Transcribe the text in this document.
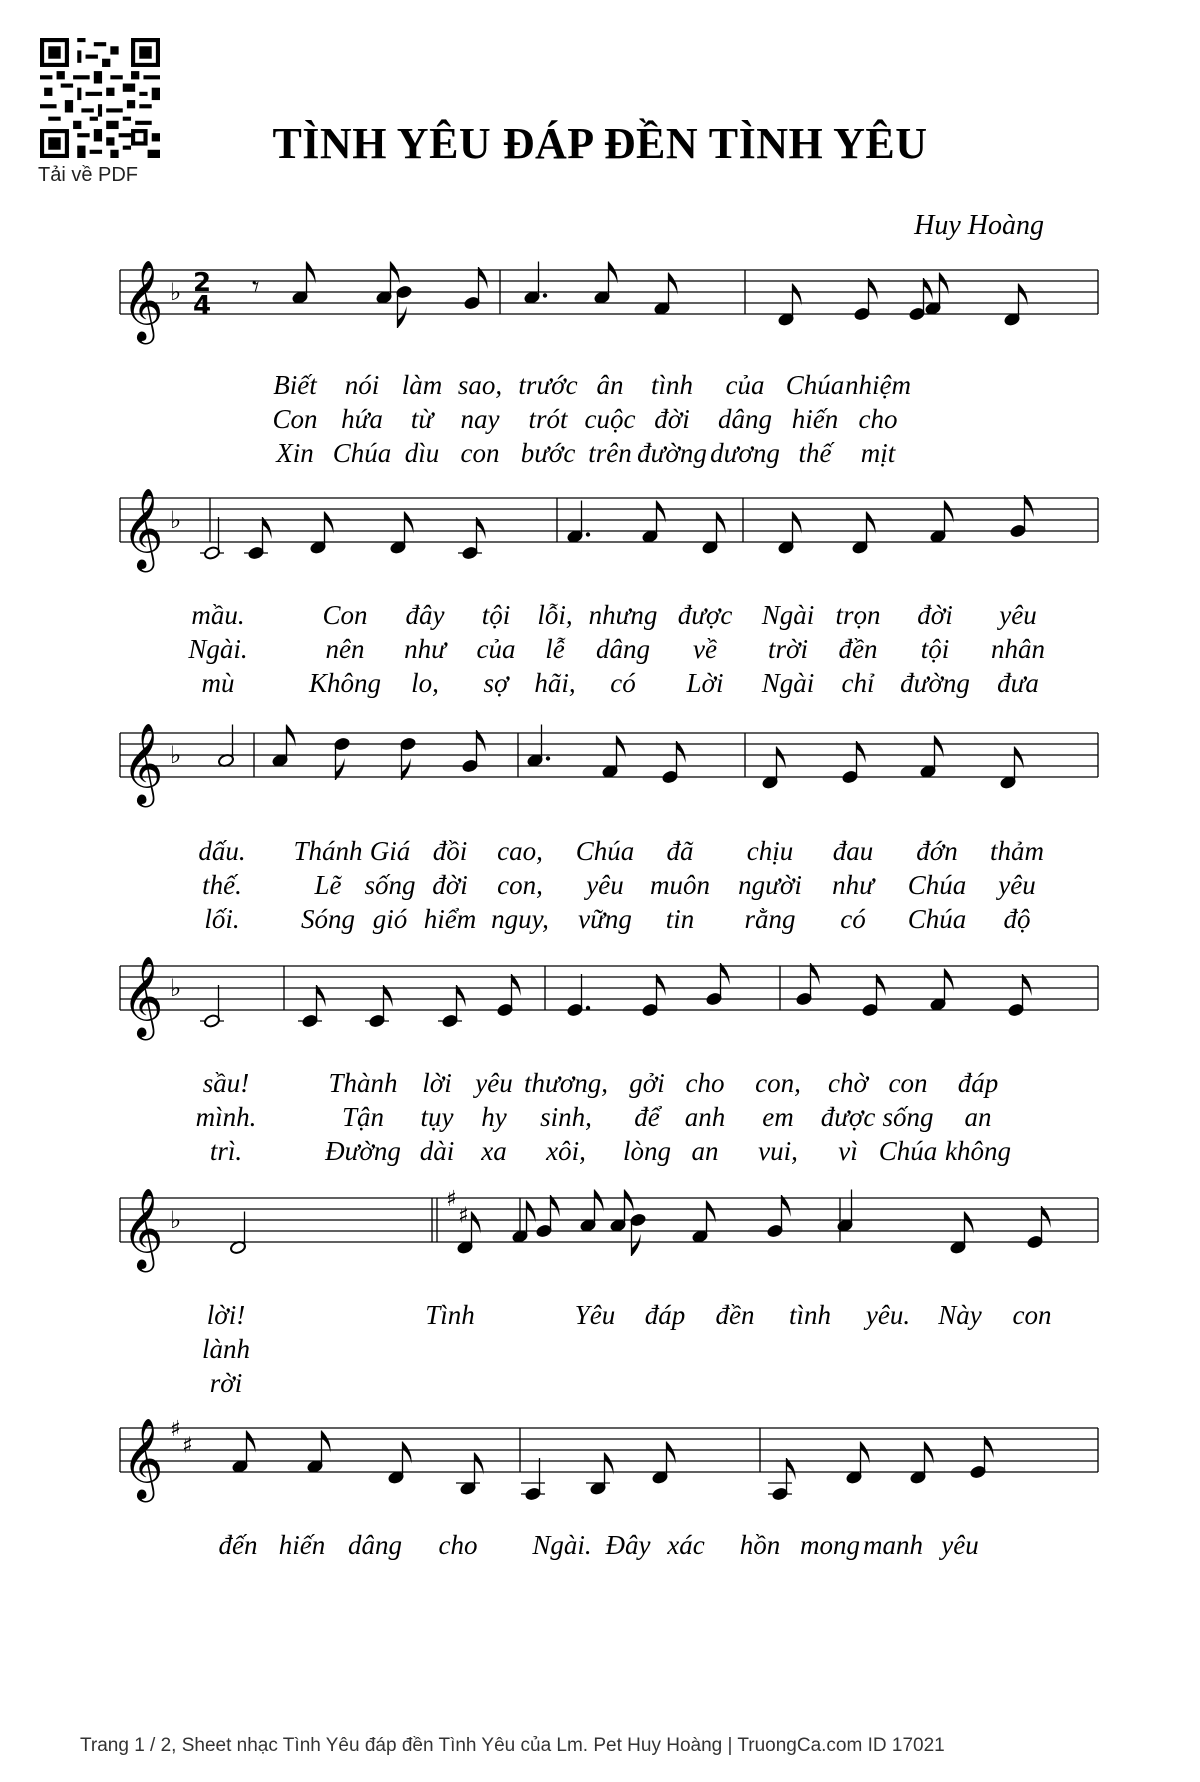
Tải về PDF
TÌNH YÊU ĐÁP ĐỀN TÌNH YÊU
Huy Hoàng
𝄞 ♭ 2
4
𝄾
Biết nói làm sao, trước ân tình của Chúa nhiệm
Con hứa từ nay trót cuộc đời dâng hiến cho
Xin Chúa dìu con bước trên đường dương thế mịt
𝄞 ♭
mầu.	Con đây tội lỗi, nhưng được Ngài trọn đời yêu
Ngài.	nên như của lễ dâng về trời đền tội nhân
mù	Không lo, sợ hãi, có Lời Ngài chỉ đường đưa
𝄞 ♭
dấu. Thánh Giá đồi cao, Chúa đã chịu đau đớn thảm
thế.	Lẽ sống đời con, yêu muôn người như Chúa yêu
lối. Sóng gió hiểm nguy, vững tin rằng có Chúa độ
𝄞 ♭
sầu!	Thành lời yêu thương, gởi cho con, chờ con đáp
mình.	Tận tụy hy sinh, để anh em được sống an
trì.	Đường dài xa xôi, lòng an vui, vì Chúa không
𝄞 ♭
♯
♯
lời!	Tình	Yêu đáp đền tình yêu. Này con
lành
rời
𝄞 ♯
♯
đến hiến dâng cho Ngài. Đây xác hồn mong manh yêu
Trang 1 / 2, Sheet nhạc Tình Yêu đáp đền Tình Yêu của Lm. Pet Huy Hoàng | TruongCa.com ID 17021
